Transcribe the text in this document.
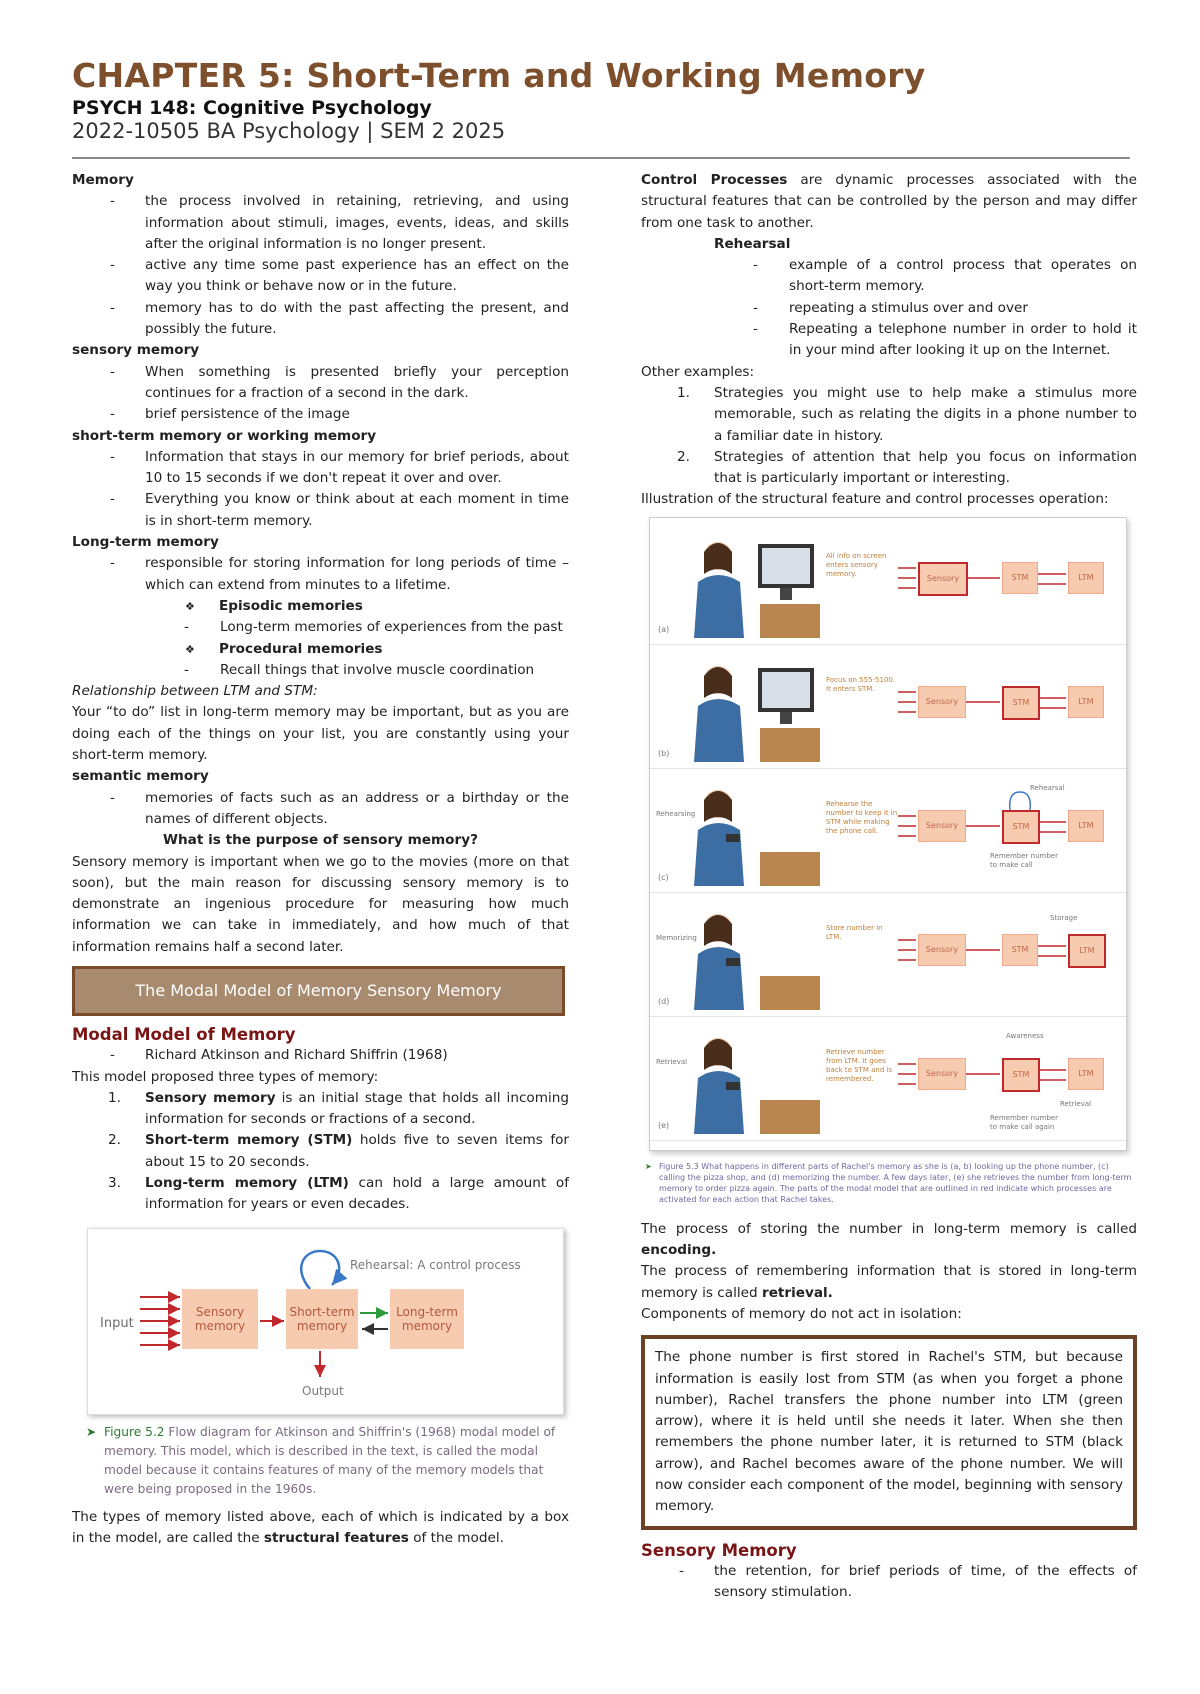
CHAPTER 5: Short-Term and Working Memory
PSYCH 148: Cognitive Psychology
2022-10505 BA Psychology | SEM 2 2025
Memory
- the process involved in retaining, retrieving, and using information about stimuli, images, events, ideas, and skills after the original information is no longer present.
- active any time some past experience has an effect on the way you think or behave now or in the future.
- memory has to do with the past affecting the present, and possibly the future.
sensory memory
- When something is presented briefly your perception continues for a fraction of a second in the dark.
- brief persistence of the image
short-term memory or working memory
- Information that stays in our memory for brief periods, about 10 to 15 seconds if we don't repeat it over and over.
- Everything you know or think about at each moment in time is in short-term memory.
Long-term memory
- responsible for storing information for long periods of time – which can extend from minutes to a lifetime.
❖ Episodic memories
- Long-term memories of experiences from the past
❖ Procedural memories
- Recall things that involve muscle coordination
Relationship between LTM and STM:
Your “to do” list in long-term memory may be important, but as you are doing each of the things on your list, you are constantly using your short-term memory.
semantic memory
- memories of facts such as an address or a birthday or the names of different objects.
What is the purpose of sensory memory?
Sensory memory is important when we go to the movies (more on that soon), but the main reason for discussing sensory memory is to demonstrate an ingenious procedure for measuring how much information we can take in immediately, and how much of that information remains half a second later.
The Modal Model of Memory Sensory Memory
Modal Model of Memory
- Richard Atkinson and Richard Shiffrin (1968)
This model proposed three types of memory:
1. Sensory memory is an initial stage that holds all incoming information for seconds or fractions of a second.
2. Short-term memory (STM) holds five to seven items for about 15 to 20 seconds.
3. Long-term memory (LTM) can hold a large amount of information for years or even decades.
Input
Sensory memory
Short-term memory
Long-term memory
Rehearsal: A control process
Output
➤ Figure 5.2 Flow diagram for Atkinson and Shiffrin's (1968) modal model of memory. This model, which is described in the text, is called the modal model because it contains features of many of the memory models that were being proposed in the 1960s.
The types of memory listed above, each of which is indicated by a box in the model, are called the structural features of the model.
Control Processes are dynamic processes associated with the structural features that can be controlled by the person and may differ from one task to another.
Rehearsal
- example of a control process that operates on short-term memory.
- repeating a stimulus over and over
- Repeating a telephone number in order to hold it in your mind after looking it up on the Internet.
Other examples:
1. Strategies you might use to help make a stimulus more memorable, such as relating the digits in a phone number to a familiar date in history.
2. Strategies of attention that help you focus on information that is particularly important or interesting.
Illustration of the structural feature and control processes operation:
All info on screen enters sensory memory.	Sensory	STM	LTM
(a)
Focus on 555-5100. It enters STM.
Sensory	STM	LTM
(b)
Rehearsing
Rehearse the number to keep it in STM while making the phone call.
Sensory	STM	LTM
Rehearsal
Remember number to make call
(c)
Memorizing
Store number in LTM.
Sensory	STM	LTM
Storage
(d)
Retrieval
Retrieve number from LTM. It goes back to STM and is remembered.
Sensory	STM	LTM
Awareness
Retrieval
Remember number to make call again
(e)
➤ Figure 5.3 What happens in different parts of Rachel's memory as she is (a, b) looking up the phone number, (c) calling the pizza shop, and (d) memorizing the number. A few days later, (e) she retrieves the number from long-term memory to order pizza again. The parts of the modal model that are outlined in red indicate which processes are activated for each action that Rachel takes.
The process of storing the number in long-term memory is called encoding.
The process of remembering information that is stored in long-term memory is called retrieval.
Components of memory do not act in isolation:
The phone number is first stored in Rachel's STM, but because information is easily lost from STM (as when you forget a phone number), Rachel transfers the phone number into LTM (green arrow), where it is held until she needs it later. When she then remembers the phone number later, it is returned to STM (black arrow), and Rachel becomes aware of the phone number. We will now consider each component of the model, beginning with sensory memory.
Sensory Memory
- the retention, for brief periods of time, of the effects of sensory stimulation.
